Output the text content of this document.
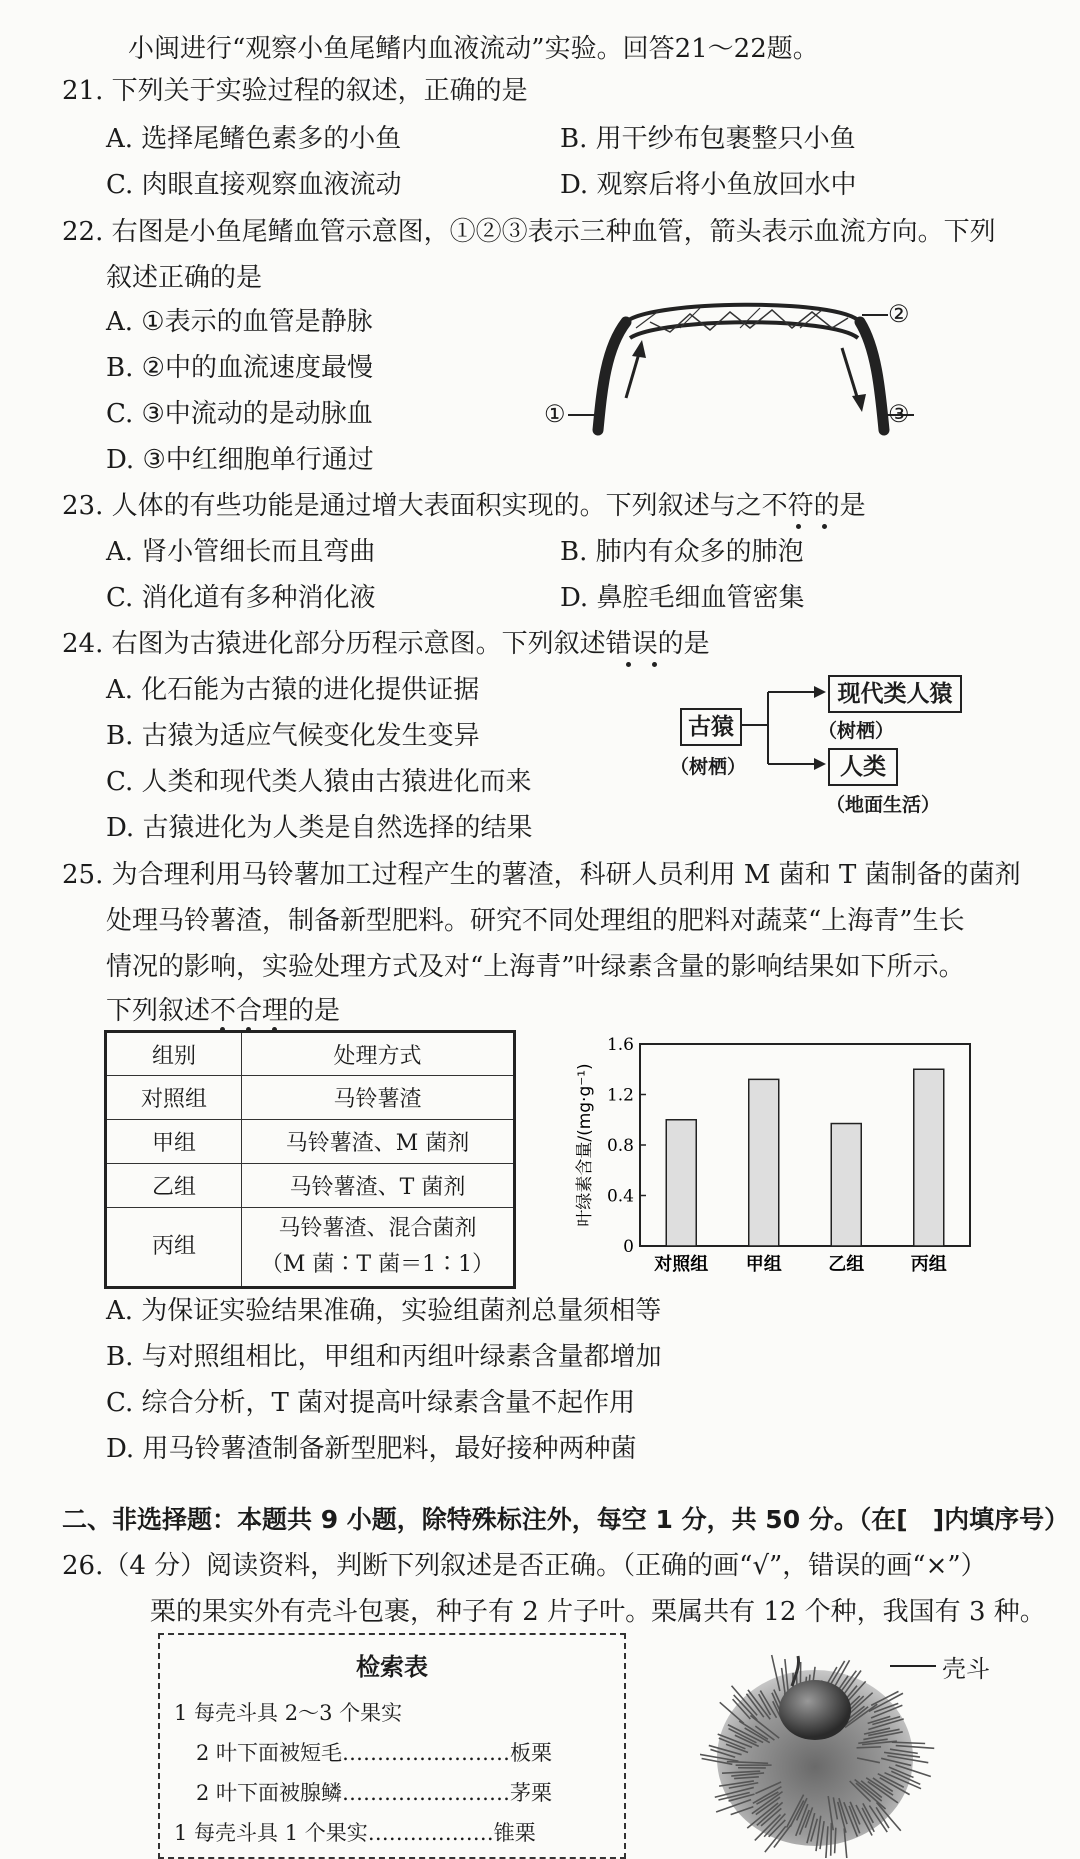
小闽进行“观察小鱼尾鳍内血液流动”实验。回答21～22题。
21. 下列关于实验过程的叙述，正确的是
A. 选择尾鳍色素多的小鱼	B. 用干纱布包裹整只小鱼
C. 肉眼直接观察血液流动	D. 观察后将小鱼放回水中
22. 右图是小鱼尾鳍血管示意图，①②③表示三种血管，箭头表示血流方向。下列
叙述正确的是
A. ①表示的血管是静脉
B. ②中的血流速度最慢
C. ③中流动的是动脉血
D. ③中红细胞单行通过
①
②
③
23. 人体的有些功能是通过增大表面积实现的。下列叙述与之不符的是
A. 肾小管细长而且弯曲	B. 肺内有众多的肺泡
C. 消化道有多种消化液	D. 鼻腔毛细血管密集
24. 右图为古猿进化部分历程示意图。下列叙述错误的是
A. 化石能为古猿的进化提供证据
B. 古猿为适应气候变化发生变异
C. 人类和现代类人猿由古猿进化而来
D. 古猿进化为人类是自然选择的结果
古猿
（树栖）
现代类人猿
（树栖）
人类
（地面生活）
25. 为合理利用马铃薯加工过程产生的薯渣，科研人员利用 M 菌和 T 菌制备的菌剂
处理马铃薯渣，制备新型肥料。研究不同处理组的肥料对蔬菜“上海青”生长
情况的影响，实验处理方式及对“上海青”叶绿素含量的影响结果如下所示。
下列叙述不合理的是
组别	处理方式
对照组	马铃薯渣
甲组	马铃薯渣、M 菌剂
乙组	马铃薯渣、T 菌剂
丙组	马铃薯渣、混合菌剂
（M 菌∶T 菌＝1∶1）
0
0.4
0.8
1.2
1.6
叶绿素含量/(mg·g⁻¹)
对照组 甲组	乙组	丙组
A. 为保证实验结果准确，实验组菌剂总量须相等
B. 与对照组相比，甲组和丙组叶绿素含量都增加
C. 综合分析，T 菌对提高叶绿素含量不起作用
D. 用马铃薯渣制备新型肥料，最好接种两种菌
二、非选择题：本题共 9 小题，除特殊标注外，每空 1 分，共 50 分。（在[　]内填序号）
26.（4 分）阅读资料，判断下列叙述是否正确。（正确的画“√”，错误的画“×”）
栗的果实外有壳斗包裹，种子有 2 片子叶。栗属共有 12 个种，我国有 3 种。
检索表
1 每壳斗具 2～3 个果实
2 叶下面被短毛……………………板栗
2 叶下面被腺鳞……………………茅栗
1 每壳斗具 1 个果实………………锥栗
壳斗
